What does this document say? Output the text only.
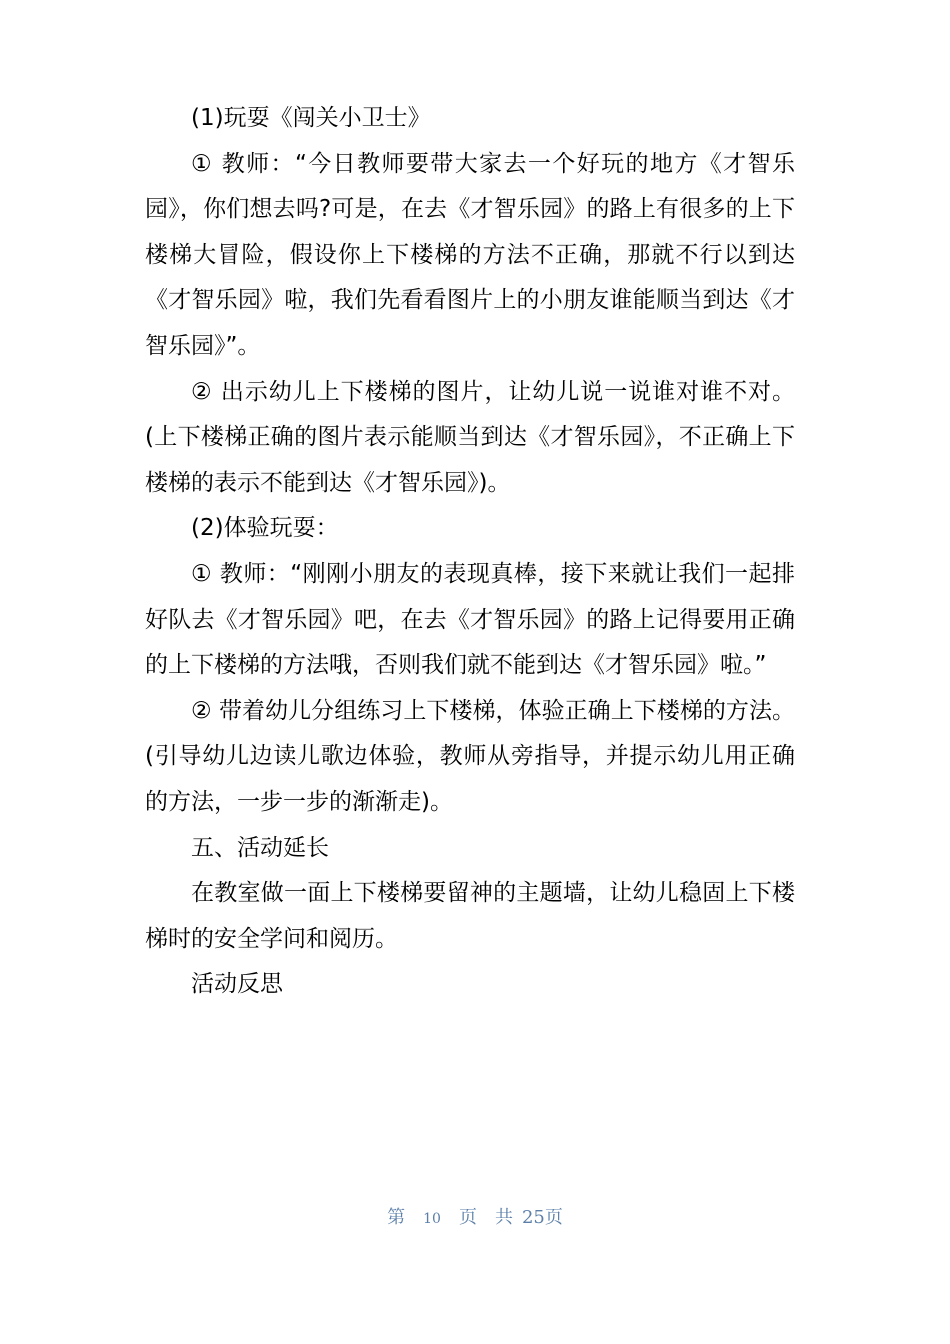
(1)玩耍《闯关小卫士》

① 教师：“今日教师要带大家去一个好玩的地方《才智乐园》，你们想去吗?可是，在去《才智乐园》的路上有很多的上下楼梯大冒险，假设你上下楼梯的方法不正确，那就不行以到达《才智乐园》啦，我们先看看图片上的小朋友谁能顺当到达《才智乐园》”。

② 出示幼儿上下楼梯的图片，让幼儿说一说谁对谁不对。(上下楼梯正确的图片表示能顺当到达《才智乐园》，不正确上下楼梯的表示不能到达《才智乐园》)。

(2)体验玩耍：

① 教师：“刚刚小朋友的表现真棒，接下来就让我们一起排好队去《才智乐园》吧，在去《才智乐园》的路上记得要用正确的上下楼梯的方法哦，否则我们就不能到达《才智乐园》啦。”

② 带着幼儿分组练习上下楼梯，体验正确上下楼梯的方法。(引导幼儿边读儿歌边体验，教师从旁指导，并提示幼儿用正确的方法，一步一步的渐渐走)。

五、活动延长

在教室做一面上下楼梯要留神的主题墙，让幼儿稳固上下楼梯时的安全学问和阅历。

活动反思

第 10 页 共 25页
